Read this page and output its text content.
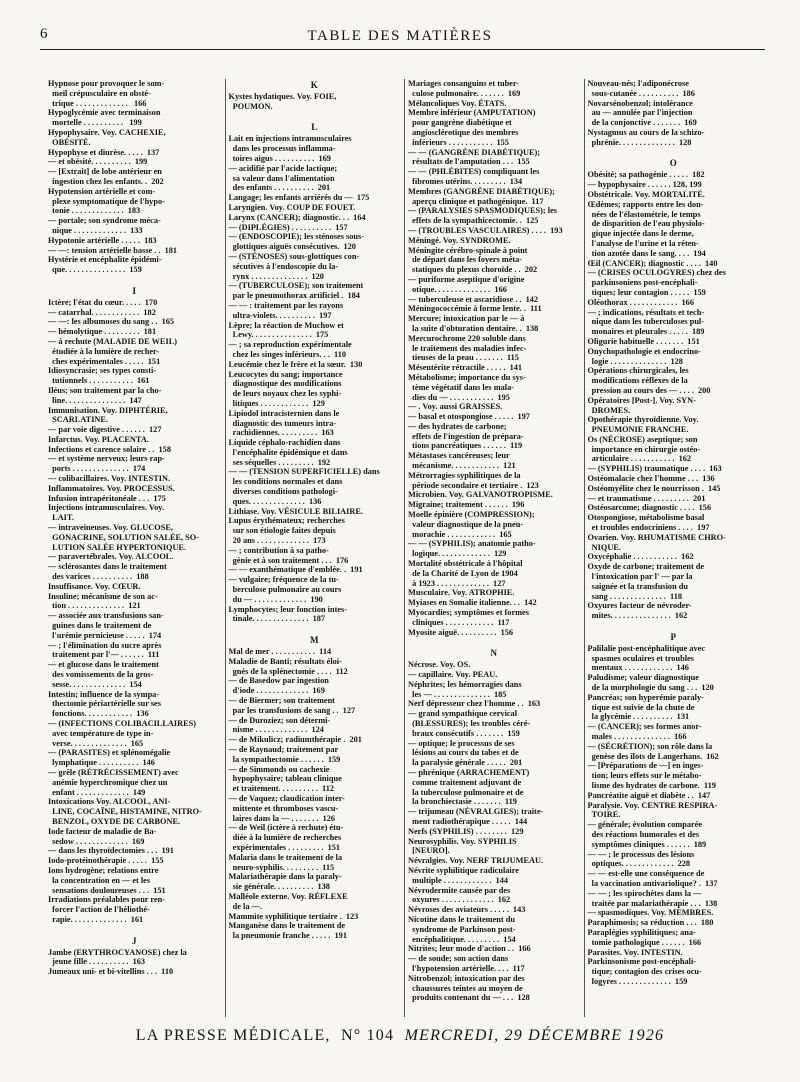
6	TABLE DES MATIÈRES
Hypnose pour provoquer le som-
meil crépusculaire en obsté-
trique . . . . . . . . . . . . .   166
Hypoglycémie avec terminaison
mortelle . . . . . . . . . .   199
Hypophysaire. Voy. CACHEXIE,
OBÉSITÉ.
Hypophyse et diurèse. . . . .  137
— et obésité. . . . . . . . . .  199
— [Extrait] de lobe antérieur en
ingestion chez les enfants. .  202
Hypotension artérielle et com-
plexe symptomatique de l'hypo-
tonie . . . . . . . . . . . . .  183
— portale; son syndrome méca-
nique . . . . . . . . . . . . .  133
Hypotonie artérielle . . . . .  183
— —: tension artérielle basse . .  181
Hystérie et encéphalite épidémi-
que. . . . . . . . . . . . . . .  159

I
Ictère; l'état du cœur. . . . .  170
— catarrhal. . . . . . . . . . . .  182
— —: les albumoses du sang . .  165
— hémolytique . . . . . . . . .  181
— à rechute (MALADIE DE WEIL)
étudiée à la lumière de recher-
ches expérimentales . . . . .  151
Idiosyncrasie; ses types consti-
tutionnels . . . . . . . . . . .  161
Iléus; son traitement par la cho-
line. . . . . . . . . . . . . . .  147
Immunisation. Voy. DIPHTÉRIE,
SCARLATINE.
— par voie digestive . . . . . .  127
Infarctus. Voy. PLACENTA.
Infections et carence solaire . .  158
— et système nerveux; leurs rap-
ports . . . . . . . . . . . . . .  174
— colibacillaires. Voy. INTESTIN.
Inflammatoires. Voy. PROCESSUS.
Infusion intrapéritonéale . . .  175
Injections intramusculaires. Voy.
LAIT.
— intraveineuses. Voy. GLUCOSE,
GONACRINE, SOLUTION SALÉE, SO-
LUTION SALÉE HYPERTONIQUE.
— paravertébrales. Voy. ALCOOL.
— sclérosantes dans le traitement
des varices . . . . . . . . . .  188
Insuffisance. Voy. CŒUR.
Insuline; mécanisme de son ac-
tion . . . . . . . . . . . . . .  121
— associée aux transfusions san-
guines dans le traitement de
l'urémie pernicieuse . . . . .  174
— ; l'élimination du sucre après
traitement par l'— . . . . . .  111
— et glucose dans le traitement
des vomissements de la gros-
sesse. . . . . . . . . . . . . .  154
Intestin; influence de la sympa-
thectomie périartérielle sur ses
fonctions. . . . . . . . . . . .  136
— (INFECTIONS COLIBACILLAIRES)
avec température de type in-
verse. . . . . . . . . . . . . .  165
— (PARASITES) et splénomégalie
lymphatique . . . . . . . . . .  146
— grêle (RÉTRÉCISSEMENT) avec
anémie hyperchromique chez un
enfant . . . . . . . . . . . . .  149
Intoxications Voy. ALCOOL, ANI-
LINE, COCAÏNE, HISTAMINE, NITRO-
BENZOL, OXYDE DE CARBONE.
Iode facteur de maladie de Ba-
sedow . . . . . . . . . . . . .  169
— dans les thyroïdectomies . . .  191
Iodo-protéinothérapie . . . . .  155
Ions hydrogène; relations entre
la concentration en — et les
sensations douloureuses . . .  151
Irradiations préalables pour ren-
forcer l'action de l'héliothé-
rapie. . . . . . . . . . . . . .  161

J
Jambe (ERYTHROCYANOSE) chez la
jeune fille . . . . . . . . . .  163
Jumeaux uni- et bi-vitellins . . .  110
K
Kystes hydatiques. Voy. FOIE,
POUMON.

L
Lait en injections intramusculaires
dans les processus inflamma-
toires aigus . . . . . . . . . .  169
— acidifié par l'acide lactique;
sa valeur dans l'alimentation
des enfants . . . . . . . . . .  201
Langage; les enfants arriérés du —  175
Laryngien. Voy. COUP DE FOUET.
Larynx (CANCER); diagnostic. . .  164
— (DIPLÉGIES) . . . . . . . . . .  157
— (ENDOSCOPIE); les sténoses sous-
glottiques aiguës consécutives.  120
— (STÉNOSES) sous-glottiques con-
sécutives à l'endoscopie du la-
rynx . . . . . . . . . . . . . .  120
— (TUBERCULOSE); son traitement
par le pneumothorax artificiel .  184
— — : traitement par les rayons
ultra-violets. . . . . . . . . .  197
Lèpre; la réaction de Muchow et
Lewy. . . . . . . . . . . . . . .  175
— ; sa reproduction expérimentale
chez les singes inférieurs. . .  110
Leucémie chez le frère et la sœur.  130
Leucocytes du sang; importance
diagnostique des modifications
de leurs noyaux chez les syphi-
litiques . . . . . . . . . . . .  129
Lipiodol intracisternien dans le
diagnostic des tumeurs intra-
rachidiennes. . . . . . . . . .  163
Liquide céphalo-rachidien dans
l'encéphalite épidémique et dans
ses séquelles . . . . . . . . .  192
— — (TENSION SUPERFICIELLE) dans
les conditions normales et dans
diverses conditions pathologi-
ques. . . . . . . . . . . . . .  136
Lithiase. Voy. VÉSICULE BILIAIRE.
Lupus érythémateux; recherches
sur son étiologie faites depuis
20 ans . . . . . . . . . . . . .  173
— ; contribution à sa patho-
génie et à son traitement . . .  176
— — exanthématique d'emblée. .  191
— vulgaire; fréquence de la tu-
berculose pulmonaire au cours
du — . . . . . . . . . . . . .  190
Lymphocytes; leur fonction intes-
tinale. . . . . . . . . . . . . .  187

M
Mal de mer . . . . . . . . . . .  114
Maladie de Banti; résultats éloi-
gnés de la splénectomie . . . .  112
— de Basedow par ingestion
d'iode . . . . . . . . . . . . .  169
— de Biermer; son traitement
par les transfusions de sang . .  127
— de Duroziez; son détermi-
nisme . . . . . . . . . . . . .  124
— de Mikulicz; radiumthérapie .  201
— de Raynaud; traitement par
la sympathectomie . . . . . .  159
— de Simmonds ou cachexie
hypophysaire; tableau clinique
et traitement. . . . . . . . . .  112
— de Vaquez; claudication inter-
mittente et thromboses vascu-
laires dans la — . . . . . . .  126
— de Weil (ictère à rechute) étu-
diée à la lumière de recherches
expérimentales . . . . . . . . .  151
Malaria dans le traitement de la
neuro-syphilis. . . . . . . . .  115
Malariathérapie dans la paraly-
sie générale. . . . . . . . . .  138
Malléole externe. Voy. RÉFLEXE
de la —.
Mammite syphilitique tertiaire .  123
Manganèse dans le traitement de
la pneumonie franche . . . . .  191
Mariages consanguins et tuber-
culose pulmonaire. . . . . . .  169
Mélancoliques Voy. ÉTATS.
Membre inférieur (AMPUTATION)
pour gangrène diabétique et
angiosclérotique des membres
inférieurs . . . . . . . . . . .  155
— — (GANGRÈNE DIABÉTIQUE);
résultats de l'amputation . . .  155
— — (PHLÉBITES) compliquant les
fibromes utérins. . . . . . . . .  134
Membres (GANGRÈNE DIABÉTIQUE);
aperçu clinique et pathogénique.  117
— (PARALYSIES SPASMODIQUES); les
effets de la sympathicectomie. .  125
— (TROUBLES VASCULAIRES) . . . .  193
Méningé. Voy. SYNDROME.
Méningite cérébro-spinale à point
de départ dans les foyers méta-
statiques du plexus choroïde . .  202
— puriforme aseptique d'origine
otique. . . . . . . . . . . . . .  166
— tuberculeuse et ascaridiose . .  142
Méningococcémie à forme lente. .  111
Mercure; intoxication par le — à
la suite d'obturation dentaire. .  138
Mercurochrome 220 soluble dans
le traitement des maladies infec-
tieuses de la peau . . . . . . .  115
Mésentérite rétractile . . . . .  141
Métabolisme; importance du sys-
tème végétatif dans les mala-
dies du — . . . . . . . . . . .  195
— . Voy. aussi GRAISSES.
— basal et otospongiose . . . . .  197
— des hydrates de carbone;
effets de l'ingestion de prépara-
tions pancréatiques . . . . . .  119
Métastases cancéreuses; leur
mécanisme. . . . . . . . . . . .  121
Métrorragies syphilitiques de la
période secondaire et tertiaire .  123
Microbien. Voy. GALVANOTROPISME.
Migraine; traitement . . . . . .  196
Moelle épinière (COMPRESSION);
valeur diagnostique de la pneu-
morachie . . . . . . . . . . . .  165
— — (SYPHILIS); anatomie patho-
logique. . . . . . . . . . . . .  129
Mortalité obstétricale à l'hôpital
de la Charité de Lyon de 1904
à 1923 . . . . . . . . . . . . .  127
Musculaire. Voy. ATROPHIE.
Myiases en Somalie italienne. . .  142
Myocardies; symptômes et formes
cliniques . . . . . . . . . . . .  117
Myosite aiguë. . . . . . . . . .  156

N
Nécrose. Voy. OS.
— capillaire. Voy. PEAU.
Néphrites; les hémorragies dans
les — . . . . . . . . . . . . . .  185
Nerf dépresseur chez l'homme . .  163
— grand sympathique cervical
(BLESSURES); les troubles céré-
braux consécutifs . . . . . . .  159
— optique; le processus de ses
lésions au cours du tabes et de
la paralysie générale . . . . .  201
— phrénique (ARRACHEMENT)
comme traitement adjuvant de
la tuberculose pulmonaire et de
la bronchiectasie . . . . . . .  119
— trijumeau (NÉVRALGIES); traite-
ment radiothérapique . . . . .  144
Nerfs (SYPHILIS) . . . . . . . .  129
Neurosyphilis. Voy. SYPHILIS
[NEURO].
Névralgies. Voy. NERF TRIJUMEAU.
Névrite syphilitique radiculaire
multiple . . . . . . . . . . . .  144
Névrodermite causée par des
oxyures . . . . . . . . . . . . .  162
Névroses des aviateurs . . . . .  143
Nicotine dans le traitement du
syndrome de Parkinson post-
encéphalitique. . . . . . . . .  154
Nitrites; leur mode d'action . .  166
— de soude; son action dans
l'hypotension artérielle. . . .  117
Nitrobenzol; intoxication par des
chaussures teintes au moyen de
produits contenant du — . . .  128
Nouveau-nés; l'adiponécrose
sous-cutanée . . . . . . . . . .  186
Novarsénobenzol; intolérance
au — annulée par l'injection
de la conjonctive . . . . . . .  169
Nystagmus au cours de la schizo-
phrénie. . . . . . . . . . . . . .  128

O
Obésité; sa pathogénie . . . . .  182
— hypophysaire . . . . . . 128, 199
Obstétricale. Voy. MORTALITÉ.
Œdèmes; rapports entre les don-
nées de l'élastométrie, le temps
de disparition de l'eau physiolo-
gique injectée dans le derme,
l'analyse de l'urine et la réten-
tion azotée dans le sang. . . .  194
Œil (CANCER); diagnostic . . . .  140
— (CRISES OCULOGYRES) chez des
parkinsoniens post-encéphali-
tiques; leur contagion . . . . .  159
Oléothorax . . . . . . . . . . . .  166
— ; indications, résultats et tech-
nique dans les tuberculoses pul-
monaires et pleurales . . . . .  189
Oligurie habituelle . . . . . . .  151
Onychopathologie et endocrino-
logie . . . . . . . . . . . . . .  128
Opérations chirurgicales, les
modifications réflexes de la
pression au cours des — . . . .  200
Opératoires [Post-]. Voy. SYN-
DROMES.
Opothérapie thyroïdienne. Voy.
PNEUMONIE FRANCHE.
Os (NÉCROSE) aseptique; son
importance en chirurgie ostéo-
articulaire . . . . . . . . . . .  162
— (SYPHILIS) traumatique . . . .  163
Ostéomalacie chez l'homme . . .  136
Ostéomyélite chez le nourrisson .  145
— et traumatisme . . . . . . . . .  201
Ostéosarcome; diagnostic . . . .  156
Otospongiose, métabolisme basal
et troubles endocriniens . . . .  197
Ovarien. Voy. RHUMATISME CHRO-
NIQUE.
Oxycéphalie . . . . . . . . . . .  162
Oxyde de carbone; traitement de
l'intoxication par l' — par la
saignée et la transfusion du
sang . . . . . . . . . . . . . .  118
Oxyures facteur de névroder-
mites. . . . . . . . . . . . . . .  162

P
Palilalie post-encéphalitique avec
spasmes oculaires et troubles
mentaux . . . . . . . . . . . .  146
Paludisme; valeur diagnostique
de la morphologie du sang . . .  120
Pancréas; son hyperémie paraly-
tique est suivie de la chute de
la glycémie . . . . . . . . . .  131
— (CANCER); ses formes anor-
males . . . . . . . . . . . . . .  166
— (SÉCRÉTION); son rôle dans la
genèse des îlots de Langerhans.  162
— [Préparations de —] en inges-
tion; leurs effets sur le métabo-
lisme des hydrates de carbone.  119
Pancréatite aiguë et diabète . .  147
Paralysie. Voy. CENTRE RESPIRA-
TOIRE.
— générale; évolution comparée
des réactions humorales et des
symptômes cliniques . . . . . .  189
— — ; le processus des lésions
optiques. . . . . . . . . . . . .  228
— — est-elle une conséquence de
la vaccination antivariolique? .  137
— — ; les spirochètes dans la —
traitée par malariathérapie . . .  138
— spasmodiques. Voy. MEMBRES.
Paraphimosis; sa réduction . . .  180
Paraplégies syphilitiques; ana-
tomie pathologique . . . . . .  166
Parasites. Voy. INTESTIN.
Parkinsonisme post-encéphali-
tique; contagion des crises ocu-
logyres . . . . . . . . . . . . .  159
LA PRESSE MÉDICALE,  N° 104 MERCREDI, 29 DÉCEMBRE 1926
